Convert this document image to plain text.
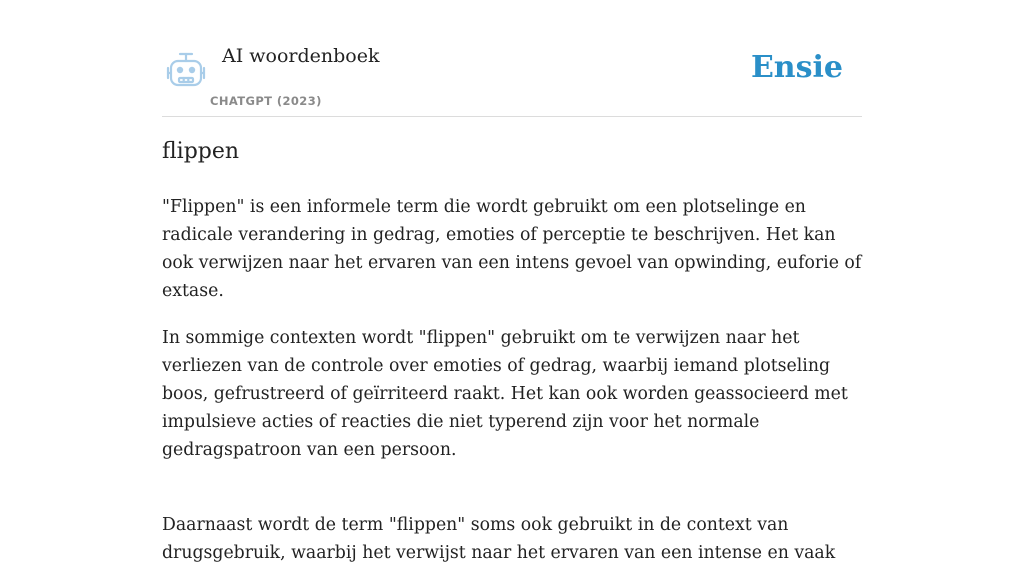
AI woordenboek
CHATGPT (2023)
Ensie
flippen

"Flippen" is een informele term die wordt gebruikt om een plotselinge en radicale verandering in gedrag, emoties of perceptie te beschrijven. Het kan ook verwijzen naar het ervaren van een intens gevoel van opwinding, euforie of extase.

In sommige contexten wordt "flippen" gebruikt om te verwijzen naar het verliezen van de controle over emoties of gedrag, waarbij iemand plotseling boos, gefrustreerd of geïrriteerd raakt. Het kan ook worden geassocieerd met impulsieve acties of reacties die niet typerend zijn voor het normale gedragspatroon van een persoon.

Daarnaast wordt de term "flippen" soms ook gebruikt in de context van drugsgebruik, waarbij het verwijst naar het ervaren van een intense en vaak
